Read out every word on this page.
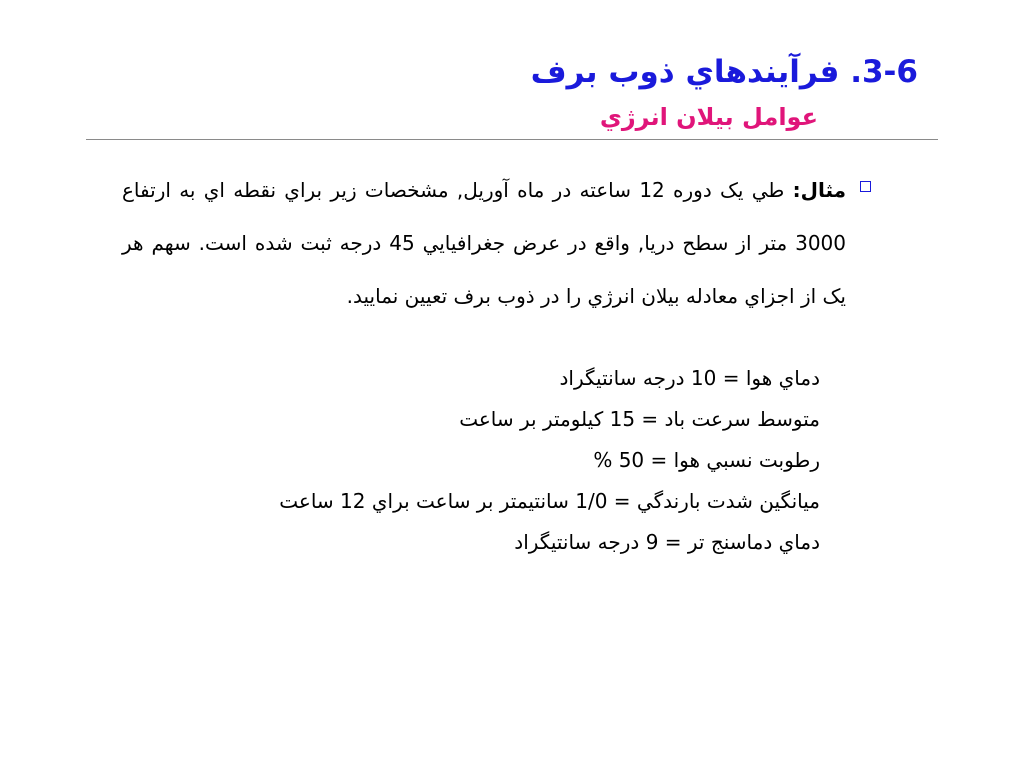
3-6. فرآيندهاي ذوب برف
عوامل بيلان انرژي
مثال: طي يک دوره 12 ساعته در ماه آوريل, مشخصات زير براي نقطه اي به ارتفاع 3000 متر از سطح دريا, واقع در عرض جغرافيايي 45 درجه ثبت شده است. سهم هر يک از اجزاي معادله بيلان انرژي را در ذوب برف تعيين نماييد.
دماي هوا = 10 درجه سانتيگراد
متوسط سرعت باد = 15 کيلومتر بر ساعت
رطوبت نسبي هوا = 50 %
ميانگين شدت بارندگي = 1/0 سانتيمتر بر ساعت براي 12 ساعت
دماي دماسنج تر = 9 درجه سانتيگراد
